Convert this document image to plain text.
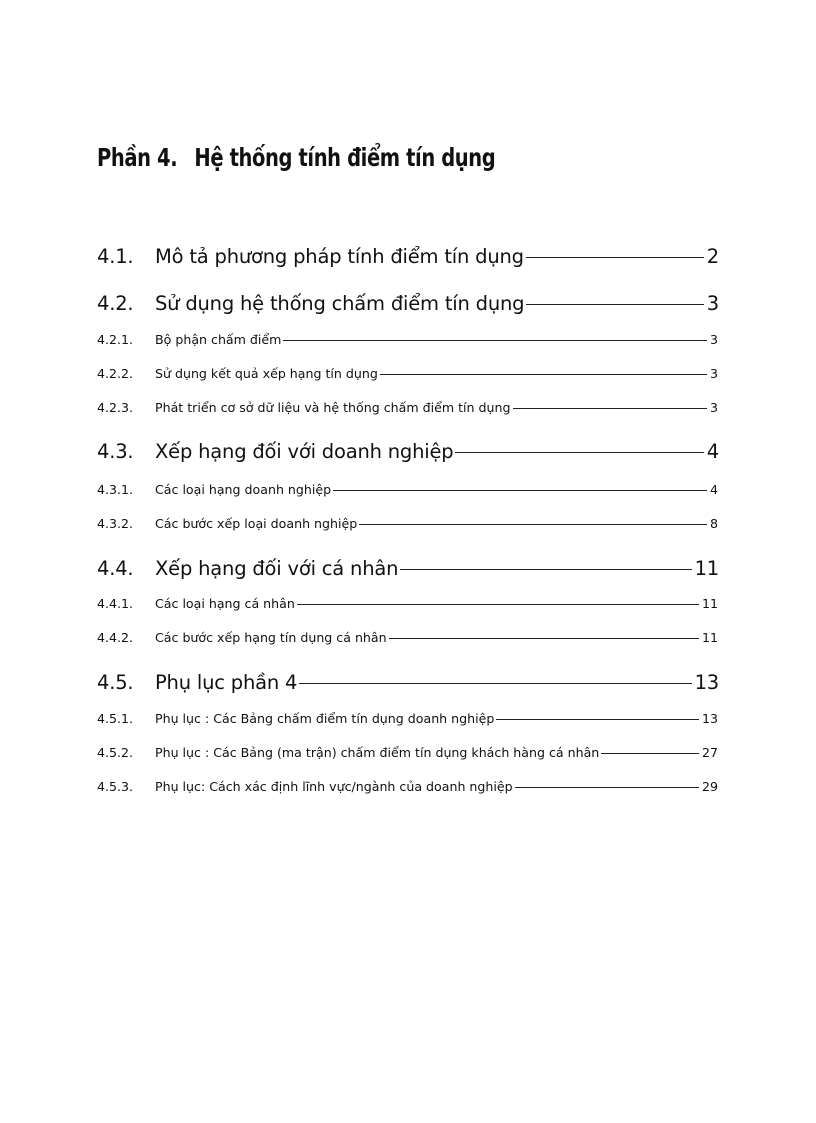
Phần 4. Hệ thống tính điểm tín dụng
4.1.	Mô tả phương pháp tính điểm tín dụng	2
4.2.	Sử dụng hệ thống chấm điểm tín dụng	3
4.2.1.	Bộ phận chấm điểm	3
4.2.2.	Sử dụng kết quả xếp hạng tín dụng	3
4.2.3.	Phát triển cơ sở dữ liệu và hệ thống chấm điểm tín dụng	3
4.3.	Xếp hạng đối với doanh nghiệp	4
4.3.1.	Các loại hạng doanh nghiệp	4
4.3.2.	Các bước xếp loại doanh nghiệp	8
4.4.	Xếp hạng đối với cá nhân	11
4.4.1.	Các loại hạng cá nhân	11
4.4.2.	Các bước xếp hạng tín dụng cá nhân	11
4.5.	Phụ lục phần 4	13
4.5.1.	Phụ lục : Các Bảng chấm điểm tín dụng doanh nghiệp	13
4.5.2.	Phụ lục : Các Bảng (ma trận) chấm điểm tín dụng khách hàng cá nhân	27
4.5.3.	Phụ lục: Cách xác định lĩnh vực/ngành của doanh nghiệp	29
